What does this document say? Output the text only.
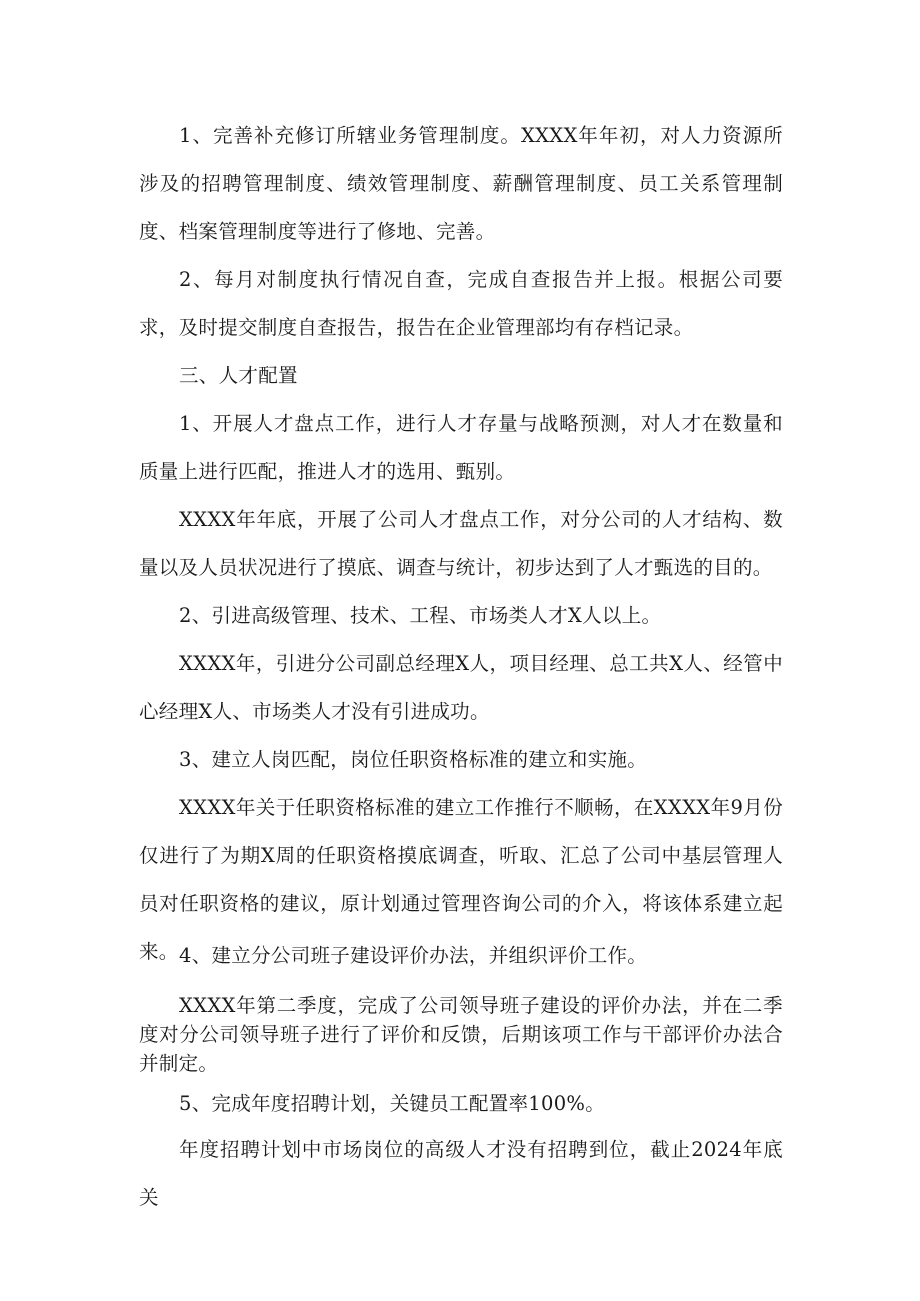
1、完善补充修订所辖业务管理制度。XXXX年年初，对人力资源所涉及的招聘管理制度、绩效管理制度、薪酬管理制度、员工关系管理制度、档案管理制度等进行了修地、完善。

2、每月对制度执行情况自查，完成自查报告并上报。根据公司要求，及时提交制度自查报告，报告在企业管理部均有存档记录。

三、人才配置

1、开展人才盘点工作，进行人才存量与战略预测，对人才在数量和质量上进行匹配，推进人才的选用、甄别。

XXXX年年底，开展了公司人才盘点工作，对分公司的人才结构、数量以及人员状况进行了摸底、调查与统计，初步达到了人才甄选的目的。

2、引进高级管理、技术、工程、市场类人才X人以上。

XXXX年，引进分公司副总经理X人，项目经理、总工共X人、经管中心经理X人、市场类人才没有引进成功。

3、建立人岗匹配，岗位任职资格标准的建立和实施。

XXXX年关于任职资格标准的建立工作推行不顺畅，在XXXX年9月份仅进行了为期X周的任职资格摸底调查，听取、汇总了公司中基层管理人员对任职资格的建议，原计划通过管理咨询公司的介入，将该体系建立起来。 4、建立分公司班子建设评价办法，并组织评价工作。

XXXX年第二季度，完成了公司领导班子建设的评价办法，并在二季度对分公司领导班子进行了评价和反馈，后期该项工作与干部评价办法合并制定。

5、完成年度招聘计划，关键员工配置率100%。

年度招聘计划中市场岗位的高级人才没有招聘到位，截止2024年底关
